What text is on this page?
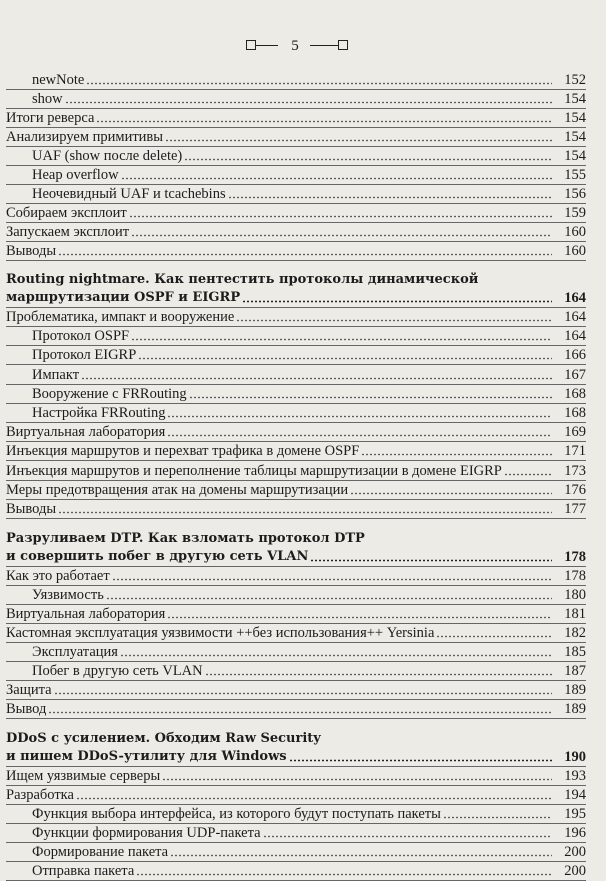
5
newNote	152
show	154
Итоги реверса	154
Анализируем примитивы	154
UAF (show после delete)	154
Heap overflow	155
Неочевидный UAF и tcachebins	156
Собираем эксплоит	159
Запускаем эксплоит	160
Выводы	160
Routing nightmare. Как пентестить протоколы динамической
маршрутизации OSPF и EIGRP	164
Проблематика, импакт и вооружение	164
Протокол OSPF	164
Протокол EIGRP	166
Импакт	167
Вооружение с FRRouting	168
Настройка FRRouting	168
Виртуальная лаборатория	169
Инъекция маршрутов и перехват трафика в домене OSPF	171
Инъекция маршрутов и переполнение таблицы маршрутизации в домене EIGRP	173
Меры предотвращения атак на домены маршрутизации	176
Выводы	177
Разруливаем DTP. Как взломать протокол DTP
и совершить побег в другую сеть VLAN	178
Как это работает	178
Уязвимость	180
Виртуальная лаборатория	181
Кастомная эксплуатация уязвимости ++без использования++ Yersinia	182
Эксплуатация	185
Побег в другую сеть VLAN	187
Защита	189
Вывод	189
DDoS с усилением. Обходим Raw Security
и пишем DDoS-утилиту для Windows	190
Ищем уязвимые серверы	193
Разработка	194
Функция выбора интерфейса, из которого будут поступать пакеты	195
Функции формирования UDP-пакета	196
Формирование пакета	200
Отправка пакета	200
